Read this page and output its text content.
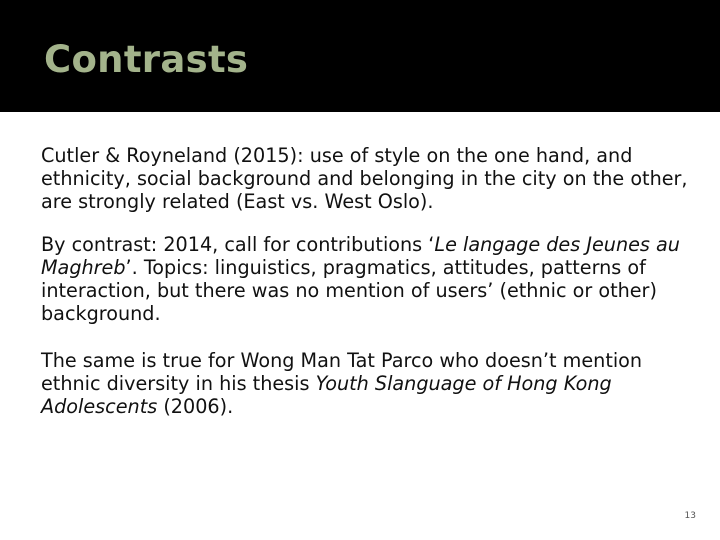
Contrasts

Cutler & Royneland (2015): use of style on the one hand, and ethnicity, social background and belonging in the city on the other, are strongly related (East vs. West Oslo).

By contrast: 2014, call for contributions ‘Le langage des Jeunes au Maghreb’. Topics: linguistics, pragmatics, attitudes, patterns of interaction, but there was no mention of users’ (ethnic or other) background.

The same is true for Wong Man Tat Parco who doesn’t mention ethnic diversity in his thesis Youth Slanguage of Hong Kong Adolescents (2006).

13
